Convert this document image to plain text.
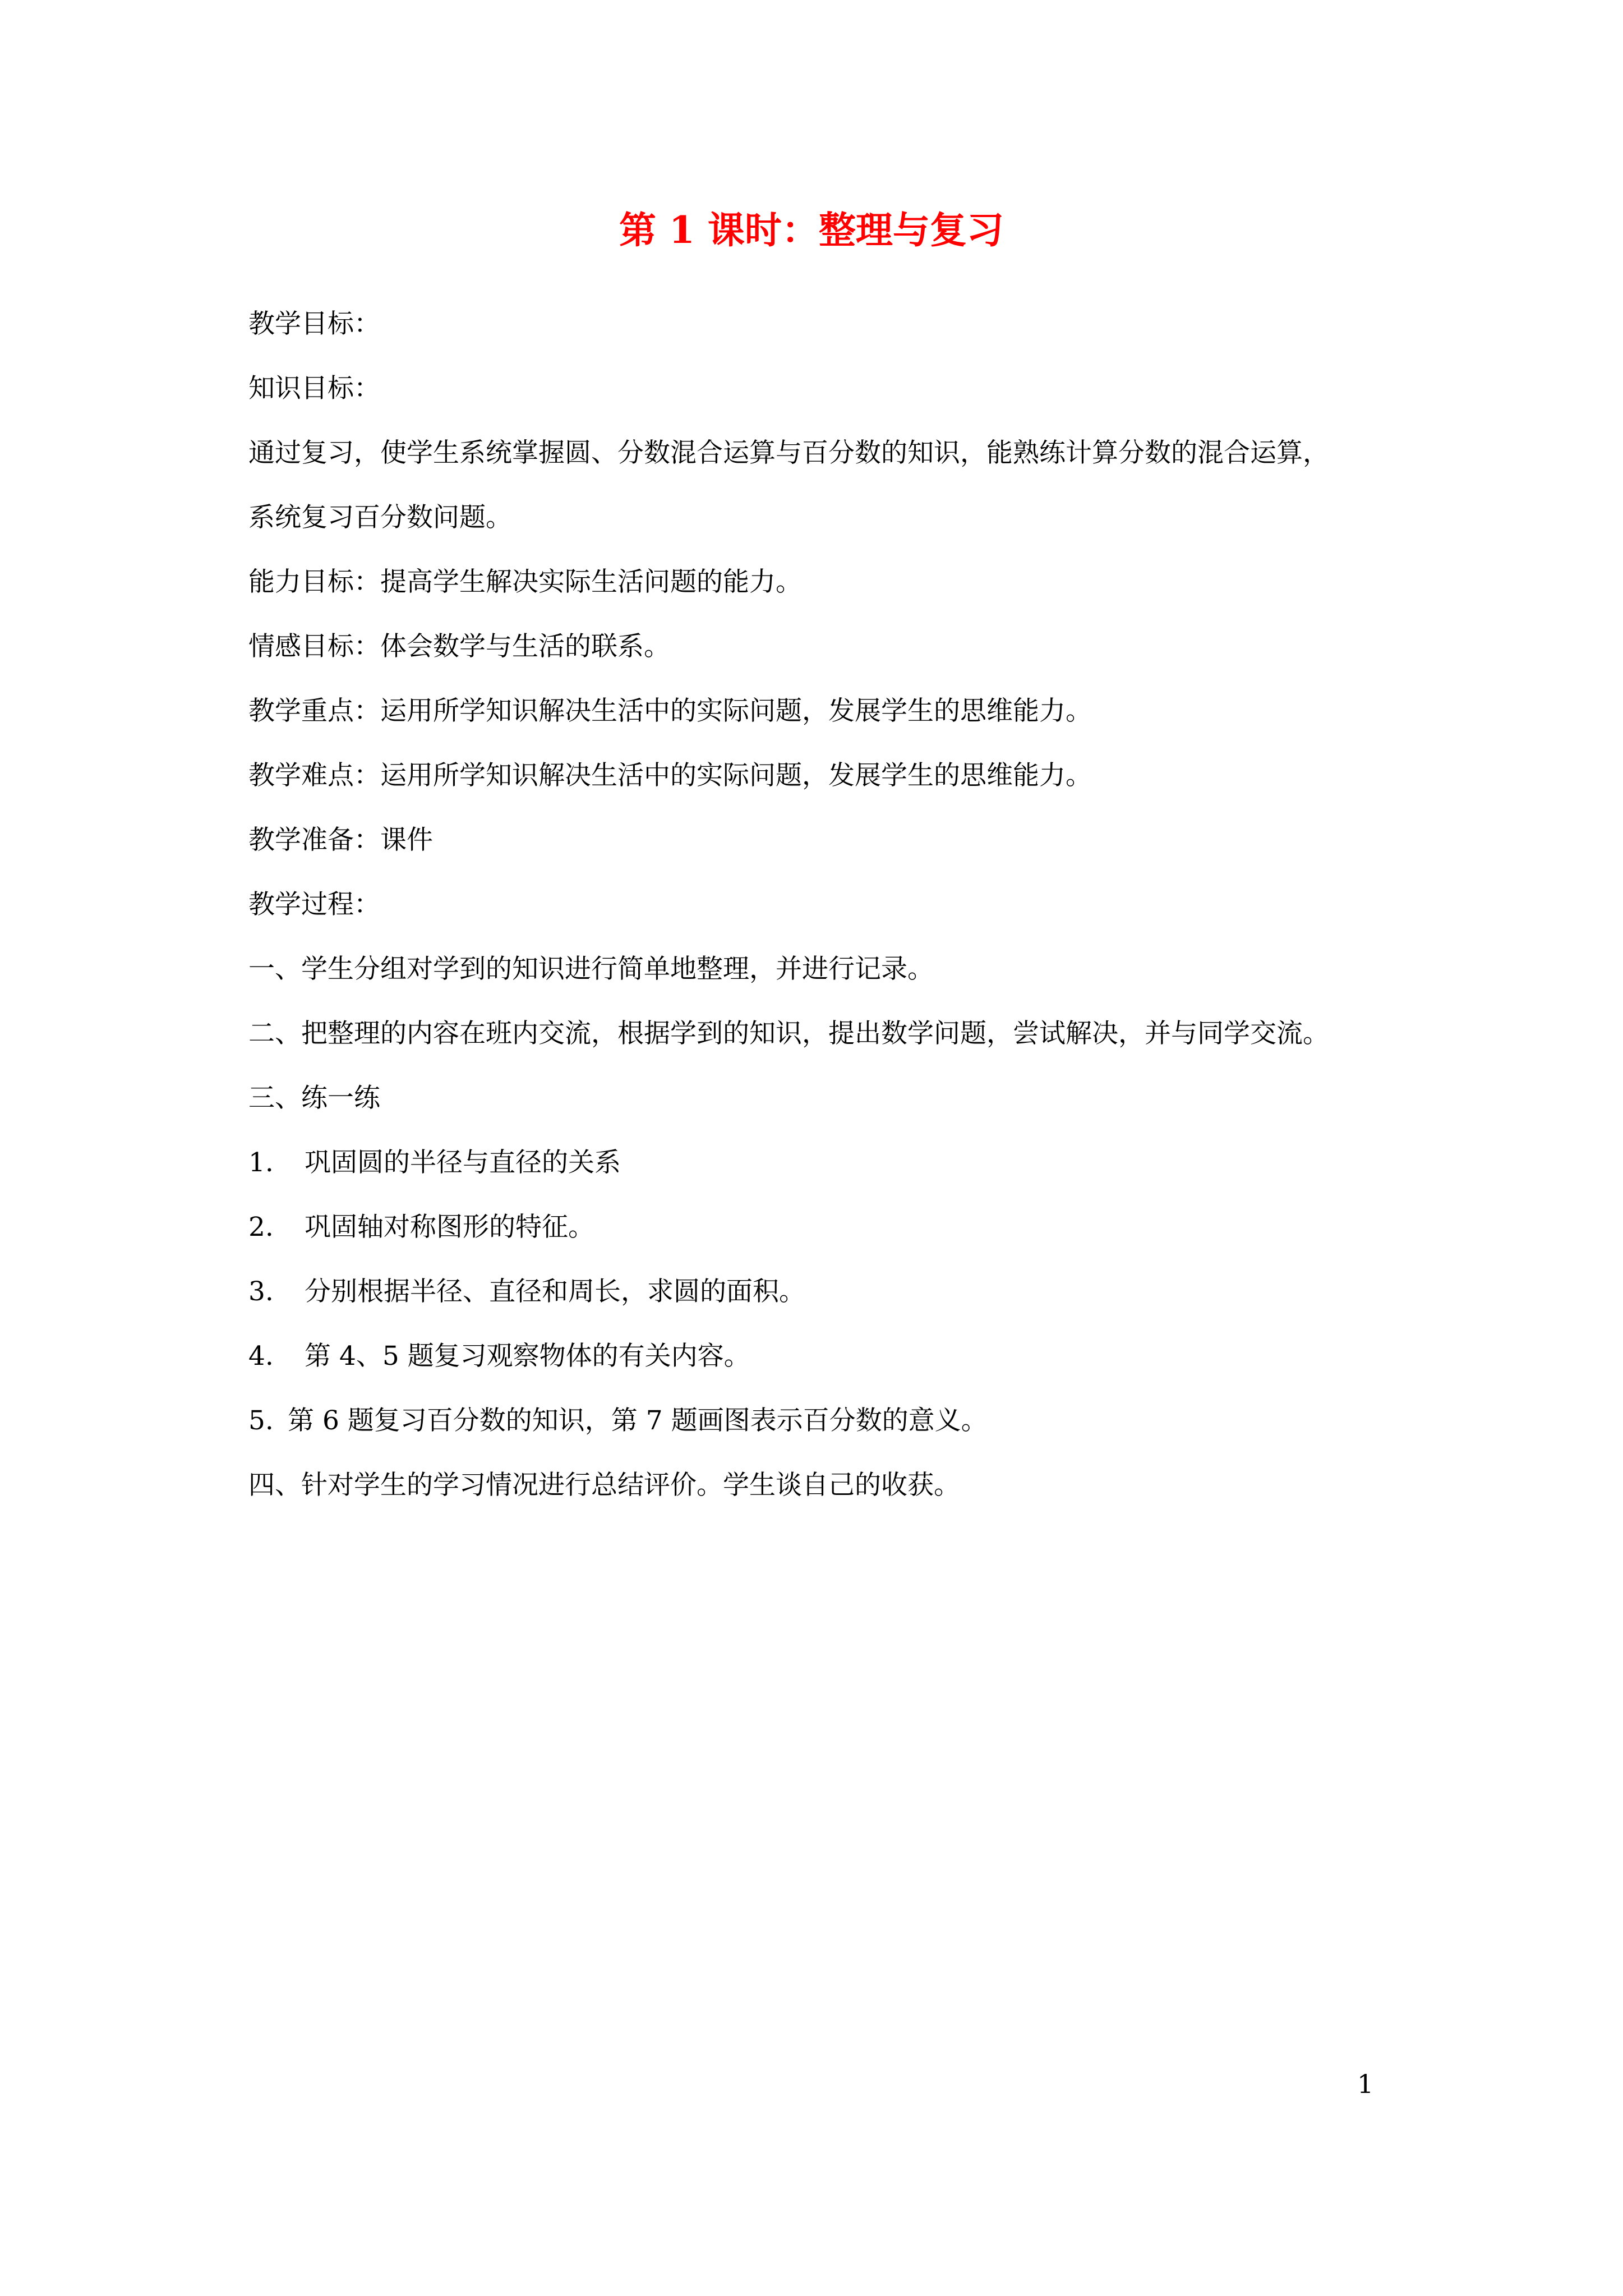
第 1 课时：整理与复习
教学目标：
知识目标：
通过复习，使学生系统掌握圆、分数混合运算与百分数的知识，能熟练计算分数的混合运算，
系统复习百分数问题。
能力目标：提高学生解决实际生活问题的能力。
情感目标：体会数学与生活的联系。
教学重点：运用所学知识解决生活中的实际问题，发展学生的思维能力。
教学难点：运用所学知识解决生活中的实际问题，发展学生的思维能力。
教学准备：课件
教学过程：
一、学生分组对学到的知识进行简单地整理，并进行记录。
二、把整理的内容在班内交流，根据学到的知识，提出数学问题，尝试解决，并与同学交流。
三、练一练
1. 巩固圆的半径与直径的关系
2. 巩固轴对称图形的特征。
3. 分别根据半径、直径和周长，求圆的面积。
4. 第 4、5 题复习观察物体的有关内容。
5. 第 6 题复习百分数的知识，第 7 题画图表示百分数的意义。
四、针对学生的学习情况进行总结评价。学生谈自己的收获。
1
